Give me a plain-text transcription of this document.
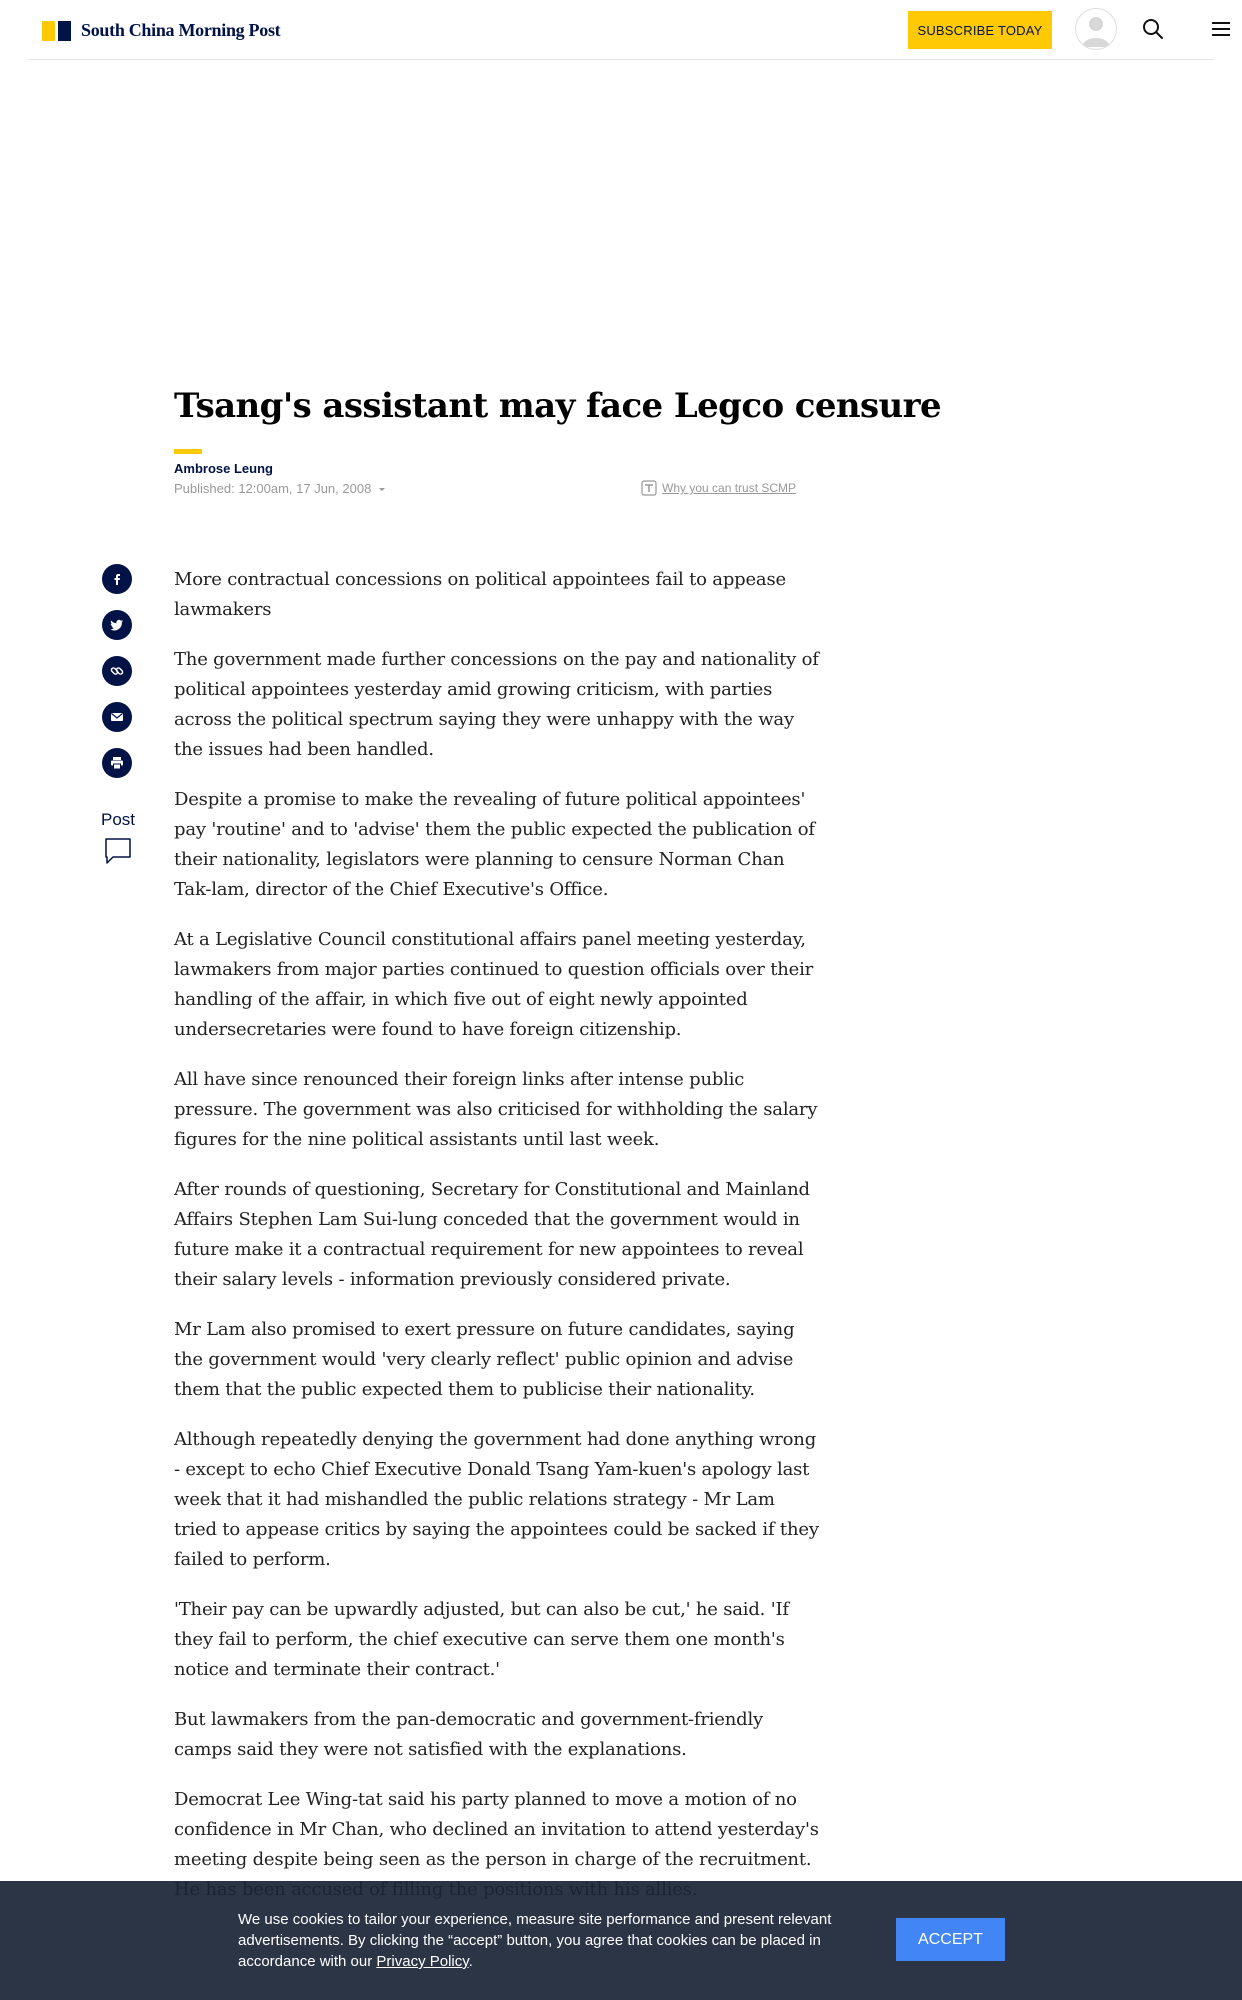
South China Morning Post	SUBSCRIBE TODAY
Tsang's assistant may face Legco censure
Ambrose Leung
Published: 12:00am, 17 Jun, 2008	Why you can trust SCMP
Post

More contractual concessions on political appointees fail to appease lawmakers

The government made further concessions on the pay and nationality of political appointees yesterday amid growing criticism, with parties across the political spectrum saying they were unhappy with the way the issues had been handled.

Despite a promise to make the revealing of future political appointees' pay 'routine' and to 'advise' them the public expected the publication of their nationality, legislators were planning to censure Norman Chan Tak-lam, director of the Chief Executive's Office.

At a Legislative Council constitutional affairs panel meeting yesterday, lawmakers from major parties continued to question officials over their handling of the affair, in which five out of eight newly appointed undersecretaries were found to have foreign citizenship.

All have since renounced their foreign links after intense public pressure. The government was also criticised for withholding the salary figures for the nine political assistants until last week.

After rounds of questioning, Secretary for Constitutional and Mainland Affairs Stephen Lam Sui-lung conceded that the government would in future make it a contractual requirement for new appointees to reveal their salary levels - information previously considered private.

Mr Lam also promised to exert pressure on future candidates, saying the government would 'very clearly reflect' public opinion and advise them that the public expected them to publicise their nationality.

Although repeatedly denying the government had done anything wrong - except to echo Chief Executive Donald Tsang Yam-kuen's apology last week that it had mishandled the public relations strategy - Mr Lam tried to appease critics by saying the appointees could be sacked if they failed to perform.

'Their pay can be upwardly adjusted, but can also be cut,' he said. 'If they fail to perform, the chief executive can serve them one month's notice and terminate their contract.'

But lawmakers from the pan-democratic and government-friendly camps said they were not satisfied with the explanations.

Democrat Lee Wing-tat said his party planned to move a motion of no confidence in Mr Chan, who declined an invitation to attend yesterday's meeting despite being seen as the person in charge of the recruitment.

We use cookies to tailor your experience, measure site performance and present relevant advertisements. By clicking the “accept” button, you agree that cookies can be placed in accordance with our Privacy Policy.
ACCEPT
